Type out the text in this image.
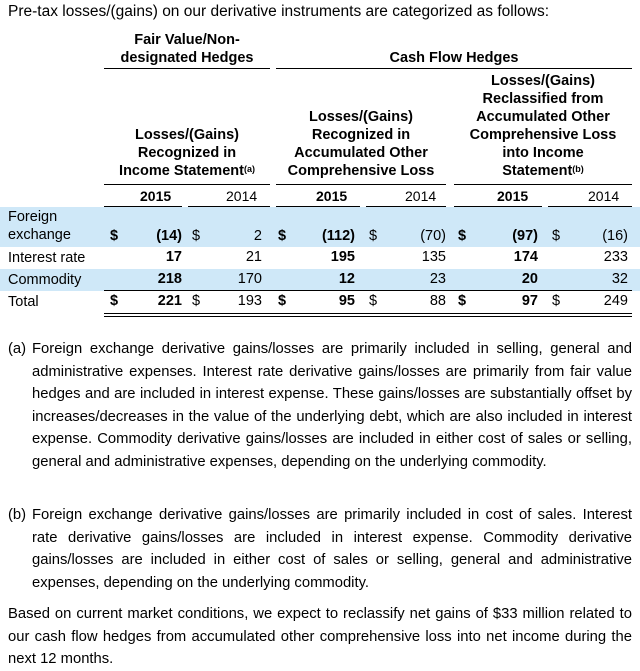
Pre-tax losses/(gains) on our derivative instruments are categorized as follows:
Fair Value/Non-
designated Hedges	Cash Flow Hedges
Losses/(Gains)
Recognized in
Income Statement$^{(a)}$
Losses/(Gains)
Recognized in
Accumulated Other
Comprehensive Loss
Losses/(Gains)
Reclassified from
Accumulated Other
Comprehensive Loss
into Income
Statement$^{(b)}$
2015	2014	2015	2014	2015	2014
Foreign
exchange	$	(14) $	2 $	(112) $	(70) $	(97) $	(16)
Interest rate	17	21	195	135	174	233
Commodity	218	170	12	23	20	32
Total	$	221 $	193 $	95 $	88 $	97 $	249
(a) Foreign exchange derivative gains/losses are primarily included in selling, general and administrative expenses. Interest rate derivative gains/losses are primarily from fair value hedges and are included in interest expense. These gains/losses are substantially offset by increases/decreases in the value of the underlying debt, which are also included in interest expense. Commodity derivative gains/losses are included in either cost of sales or selling, general and administrative expenses, depending on the underlying commodity.
(b) Foreign exchange derivative gains/losses are primarily included in cost of sales. Interest rate derivative gains/losses are included in interest expense. Commodity derivative gains/losses are included in either cost of sales or selling, general and administrative expenses, depending on the underlying commodity.
Based on current market conditions, we expect to reclassify net gains of $33 million related to our cash flow hedges from accumulated other comprehensive loss into net income during the next 12 months.
